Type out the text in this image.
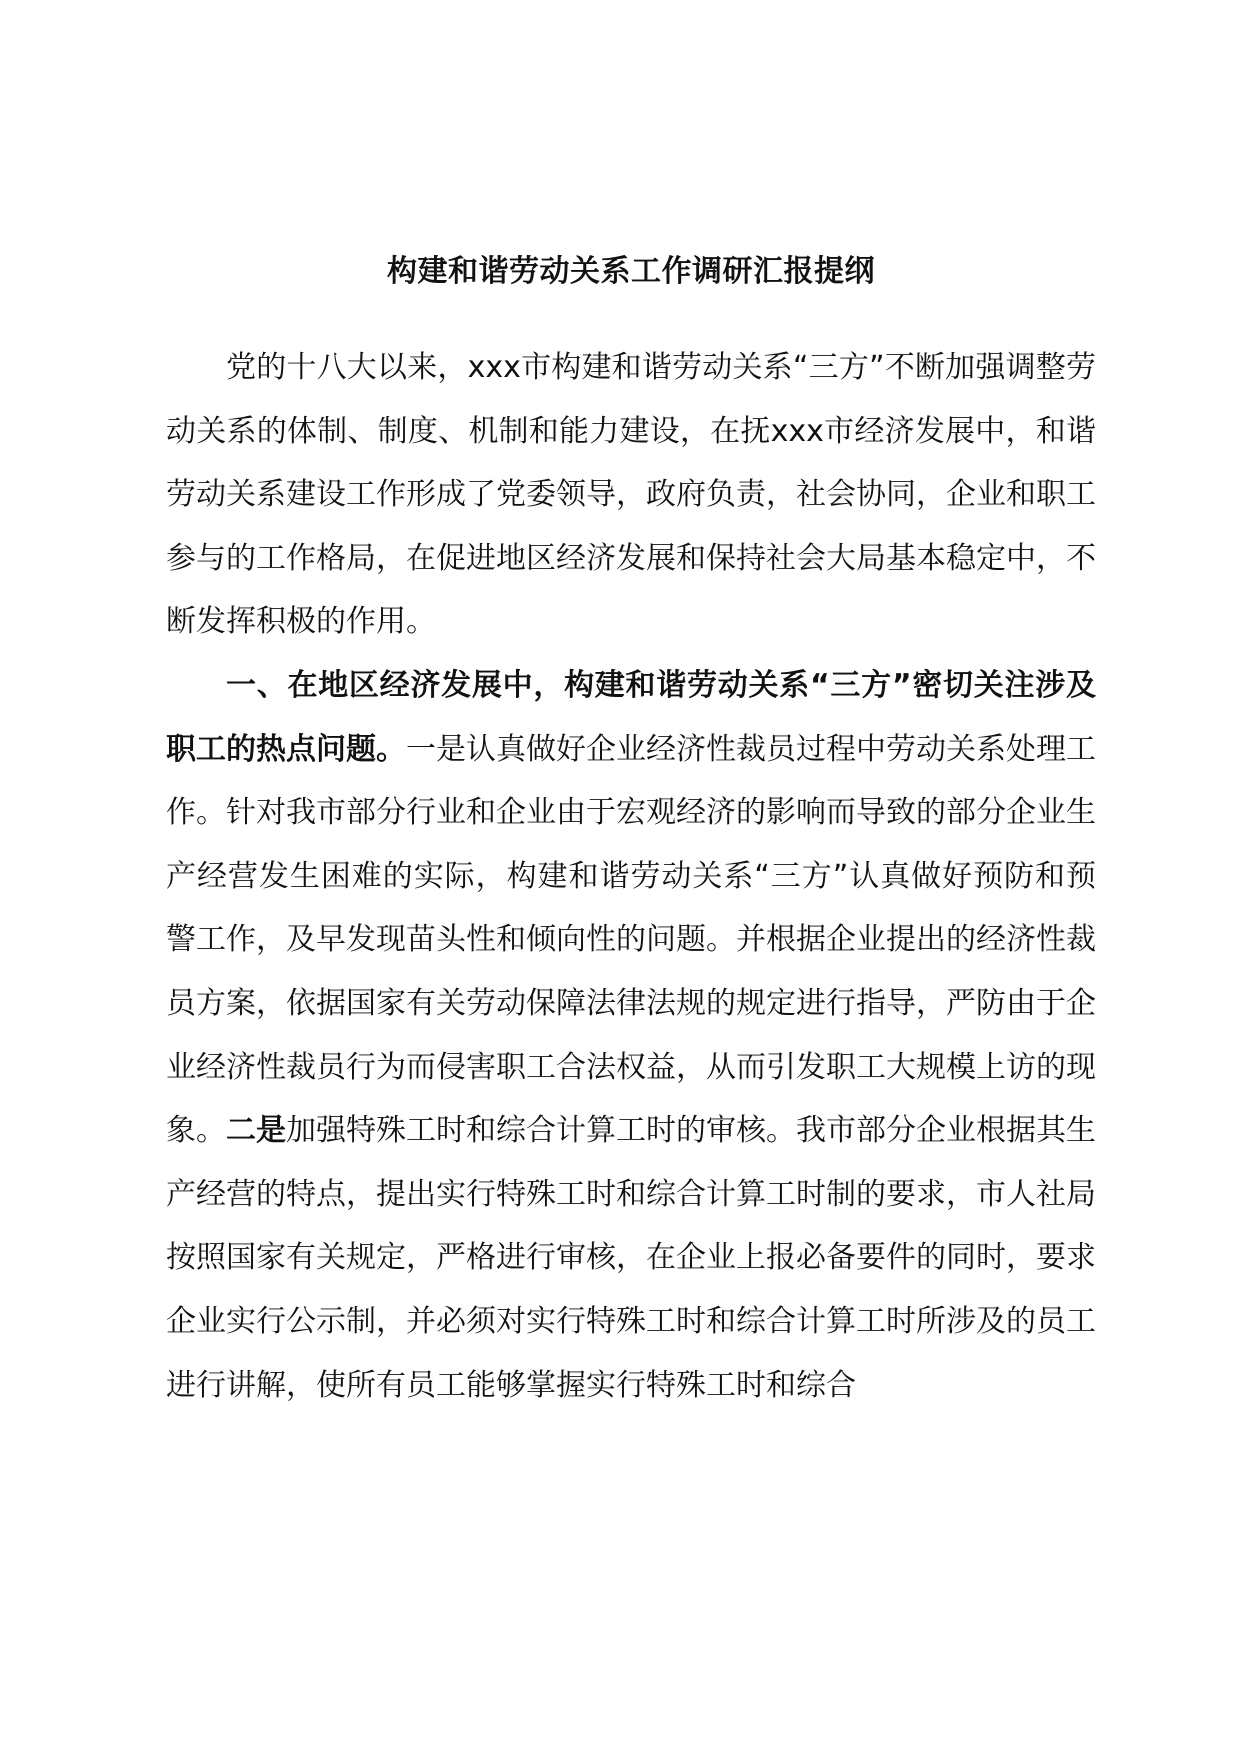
构建和谐劳动关系工作调研汇报提纲

党的十八大以来，xxx市构建和谐劳动关系“三方”不断加强调整劳动关系的体制、制度、机制和能力建设，在抚xxx市经济发展中，和谐劳动关系建设工作形成了党委领导，政府负责，社会协同，企业和职工参与的工作格局，在促进地区经济发展和保持社会大局基本稳定中，不断发挥积极的作用。

一、在地区经济发展中，构建和谐劳动关系“三方”密切关注涉及职工的热点问题。一是认真做好企业经济性裁员过程中劳动关系处理工作。针对我市部分行业和企业由于宏观经济的影响而导致的部分企业生产经营发生困难的实际，构建和谐劳动关系“三方”认真做好预防和预警工作，及早发现苗头性和倾向性的问题。并根据企业提出的经济性裁员方案，依据国家有关劳动保障法律法规的规定进行指导，严防由于企业经济性裁员行为而侵害职工合法权益，从而引发职工大规模上访的现象。二是加强特殊工时和综合计算工时的审核。我市部分企业根据其生产经营的特点，提出实行特殊工时和综合计算工时制的要求，市人社局按照国家有关规定，严格进行审核，在企业上报必备要件的同时，要求企业实行公示制，并必须对实行特殊工时和综合计算工时所涉及的员工进行讲解，使所有员工能够掌握实行特殊工时和综合
